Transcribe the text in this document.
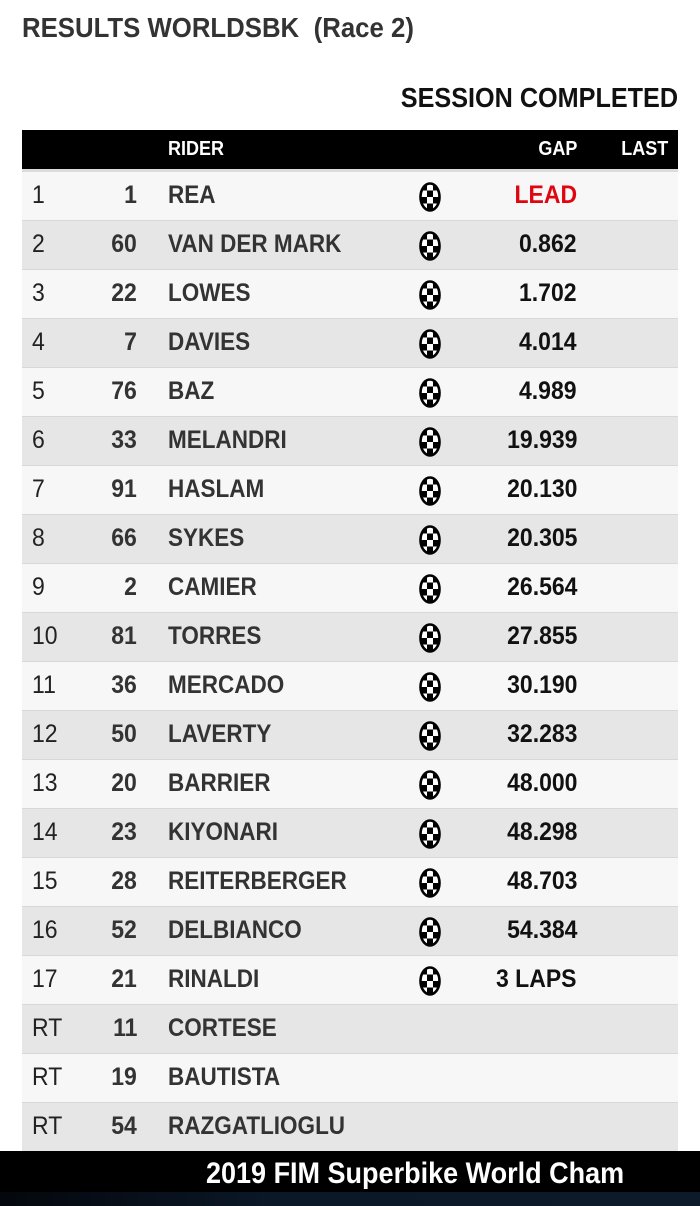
RESULTS WORLDSBK (Race 2)
SESSION COMPLETED
RIDER	GAP LAST
1	1 REA	LEAD
2	60 VAN DER MARK	0.862
3	22 LOWES	1.702
4	7 DAVIES	4.014
5	76 BAZ	4.989
6	33 MELANDRI	19.939
7	91 HASLAM	20.130
8	66 SYKES	20.305
9	2 CAMIER	26.564
10 81 TORRES	27.855
11 36 MERCADO	30.190
12 50 LAVERTY	32.283
13 20 BARRIER	48.000
14 23 KIYONARI	48.298
15 28 REITERBERGER	48.703
16 52 DELBIANCO	54.384
17 21 RINALDI	3 LAPS
RT 11 CORTESE
RT 19 BAUTISTA
RT 54 RAZGATLIOGLU
2019 FIM Superbike World Cham
